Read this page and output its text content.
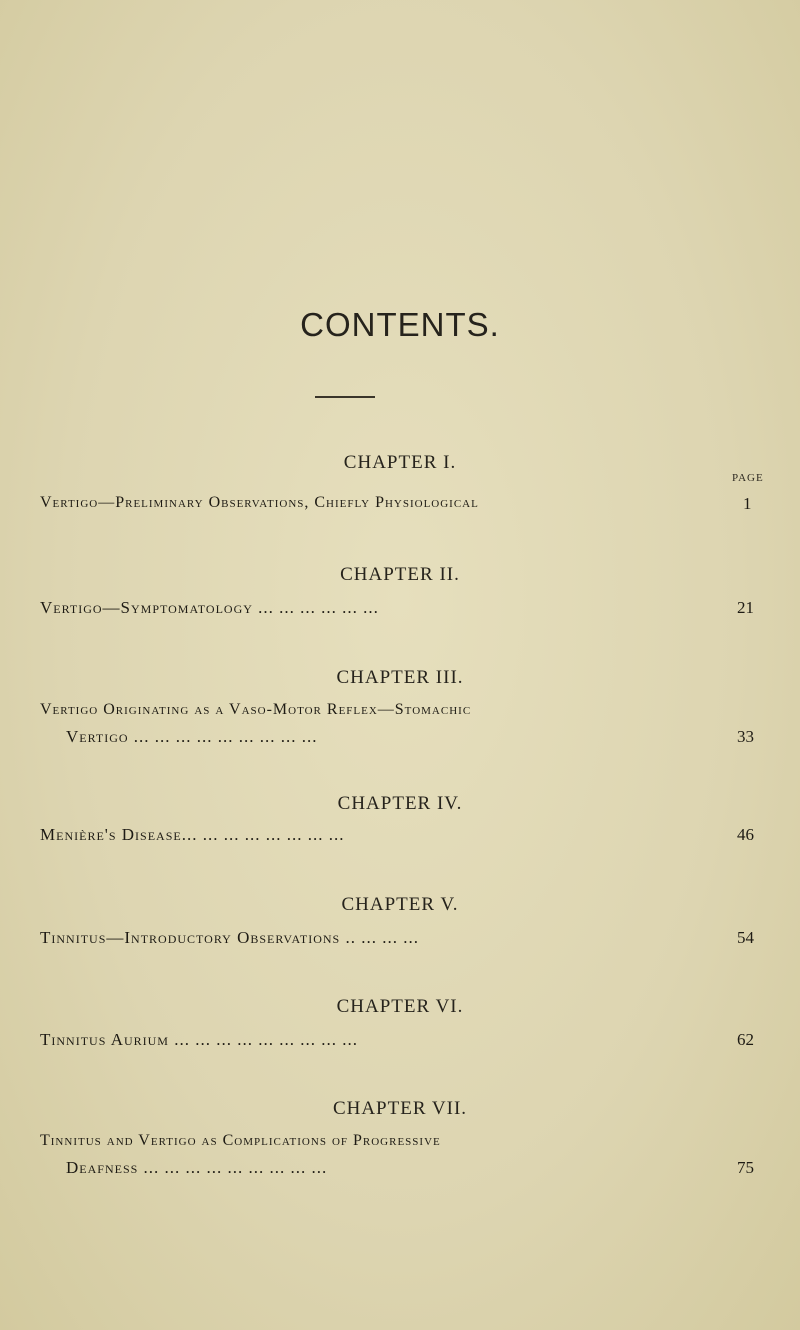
CONTENTS.
CHAPTER I.
PAGE
Vertigo—Preliminary Observations, Chiefly Physiological	1
CHAPTER II.
Vertigo—Symptomatology ... ... ... ... ... ...	21
CHAPTER III.
Vertigo Originating as a Vaso-Motor Reflex—Stomachic
Vertigo ... ... ... ... ... ... ... ... ...	33
CHAPTER IV.
Menière's Disease... ... ... ... ... ... ... ...	46
CHAPTER V.
Tinnitus—Introductory Observations .. ... ... ...	54
CHAPTER VI.
Tinnitus Aurium ... ... ... ... ... ... ... ... ...	62
CHAPTER VII.
Tinnitus and Vertigo as Complications of Progressive
Deafness ... ... ... ... ... ... ... ... ...	75
